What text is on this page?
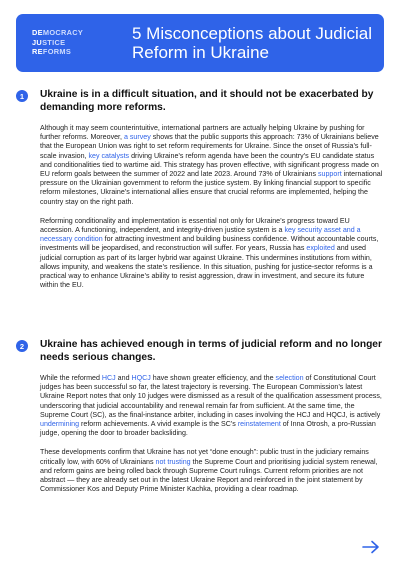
DEMOCRACY
JUSTICE
REFORMS
5 Misconceptions about Judicial Reform in Ukraine
1	Ukraine is in a difficult situation, and it should not be exacerbated by demanding more reforms.

Although it may seem counterintuitive, international partners are actually helping Ukraine by pushing for further reforms. Moreover, a survey shows that the public supports this approach: 73% of Ukrainians believe that the European Union was right to set reform requirements for Ukraine. Since the onset of Russia’s full-scale invasion, key catalysts driving Ukraine’s reform agenda have been the country’s EU candidate status and conditionalities tied to wartime aid. This strategy has proven effective, with significant progress made on EU reform goals between the summer of 2022 and late 2023. Around 73% of Ukrainians support international pressure on the Ukrainian government to reform the justice system. By linking financial support to specific reform milestones, Ukraine’s international allies ensure that crucial reforms are implemented, helping the country stay on the right path.

Reforming conditionality and implementation is essential not only for Ukraine’s progress toward EU accession. A functioning, independent, and integrity-driven justice system is a key security asset and a necessary condition for attracting investment and building business confidence. Without accountable courts, investments will be jeopardised, and reconstruction will suffer. For years, Russia has exploited and used judicial corruption as part of its larger hybrid war against Ukraine. This undermines institutions from within, allows impunity, and weakens the state’s resilience. In this situation, pushing for justice-sector reforms is a practical way to enhance Ukraine’s ability to resist aggression, draw in investment, and secure its future within the EU.

2	Ukraine has achieved enough in terms of judicial reform and no longer needs serious changes.

While the reformed HCJ and HQCJ have shown greater efficiency, and the selection of Constitutional Court judges has been successful so far, the latest trajectory is reversing. The European Commission’s latest Ukraine Report notes that only 10 judges were dismissed as a result of the qualification assessment process, underscoring that judicial accountability and renewal remain far from sufficient. At the same time, the Supreme Court (SC), as the final-instance arbiter, including in cases involving the HCJ and HQCJ, is actively undermining reform achievements. A vivid example is the SC’s reinstatement of Inna Otrosh, a pro-Russian judge, opening the door to broader backsliding.

These developments confirm that Ukraine has not yet “done enough”: public trust in the judiciary remains critically low, with 60% of Ukrainians not trusting the Supreme Court and prioritising judicial system renewal, and reform gains are being rolled back through Supreme Court rulings. Current reform priorities are not abstract — they are already set out in the latest Ukraine Report and reinforced in the joint statement by Commissioner Kos and Deputy Prime Minister Kachka, providing a clear roadmap.
